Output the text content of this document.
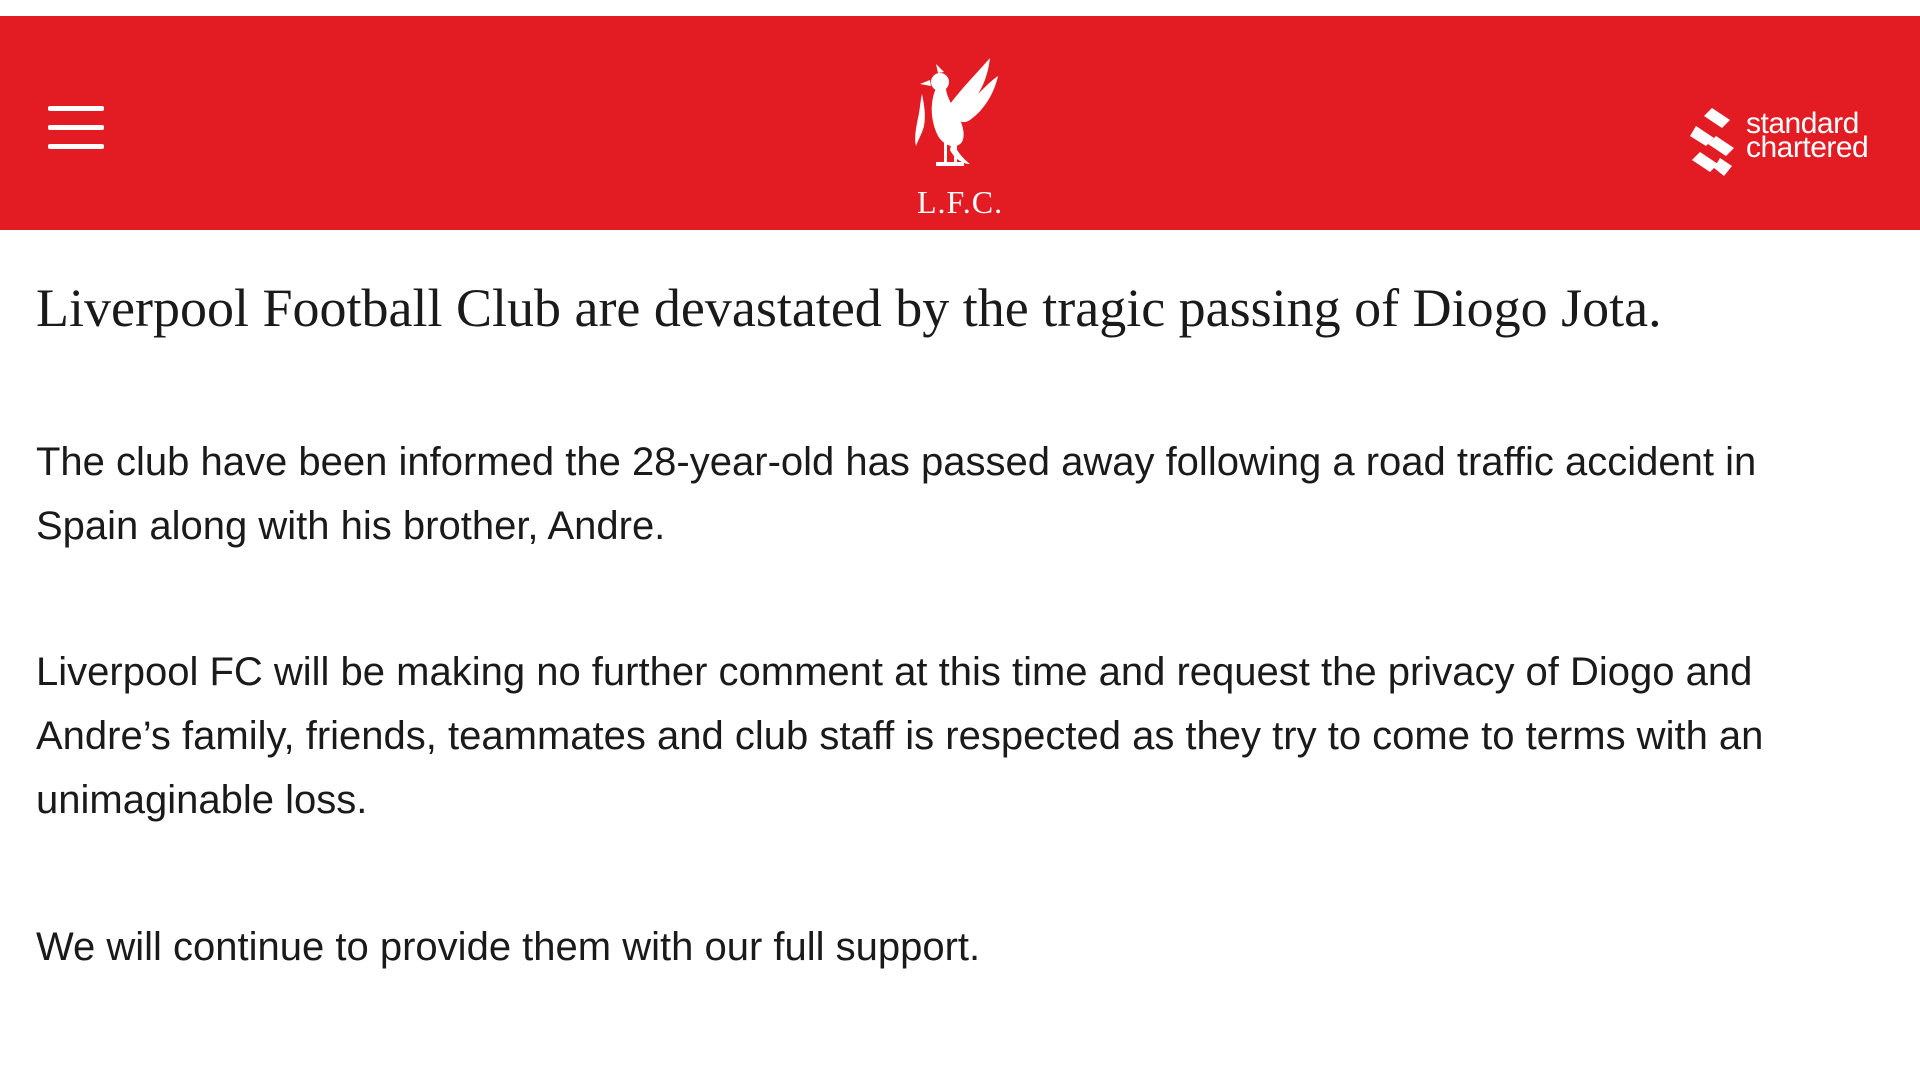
L.F.C.
standard
chartered
Liverpool Football Club are devastated by the tragic passing of Diogo Jota.

The club have been informed the 28-year-old has passed away following a road traffic accident in Spain along with his brother, Andre.

Liverpool FC will be making no further comment at this time and request the privacy of Diogo and Andre’s family, friends, teammates and club staff is respected as they try to come to terms with an unimaginable loss.

We will continue to provide them with our full support.
